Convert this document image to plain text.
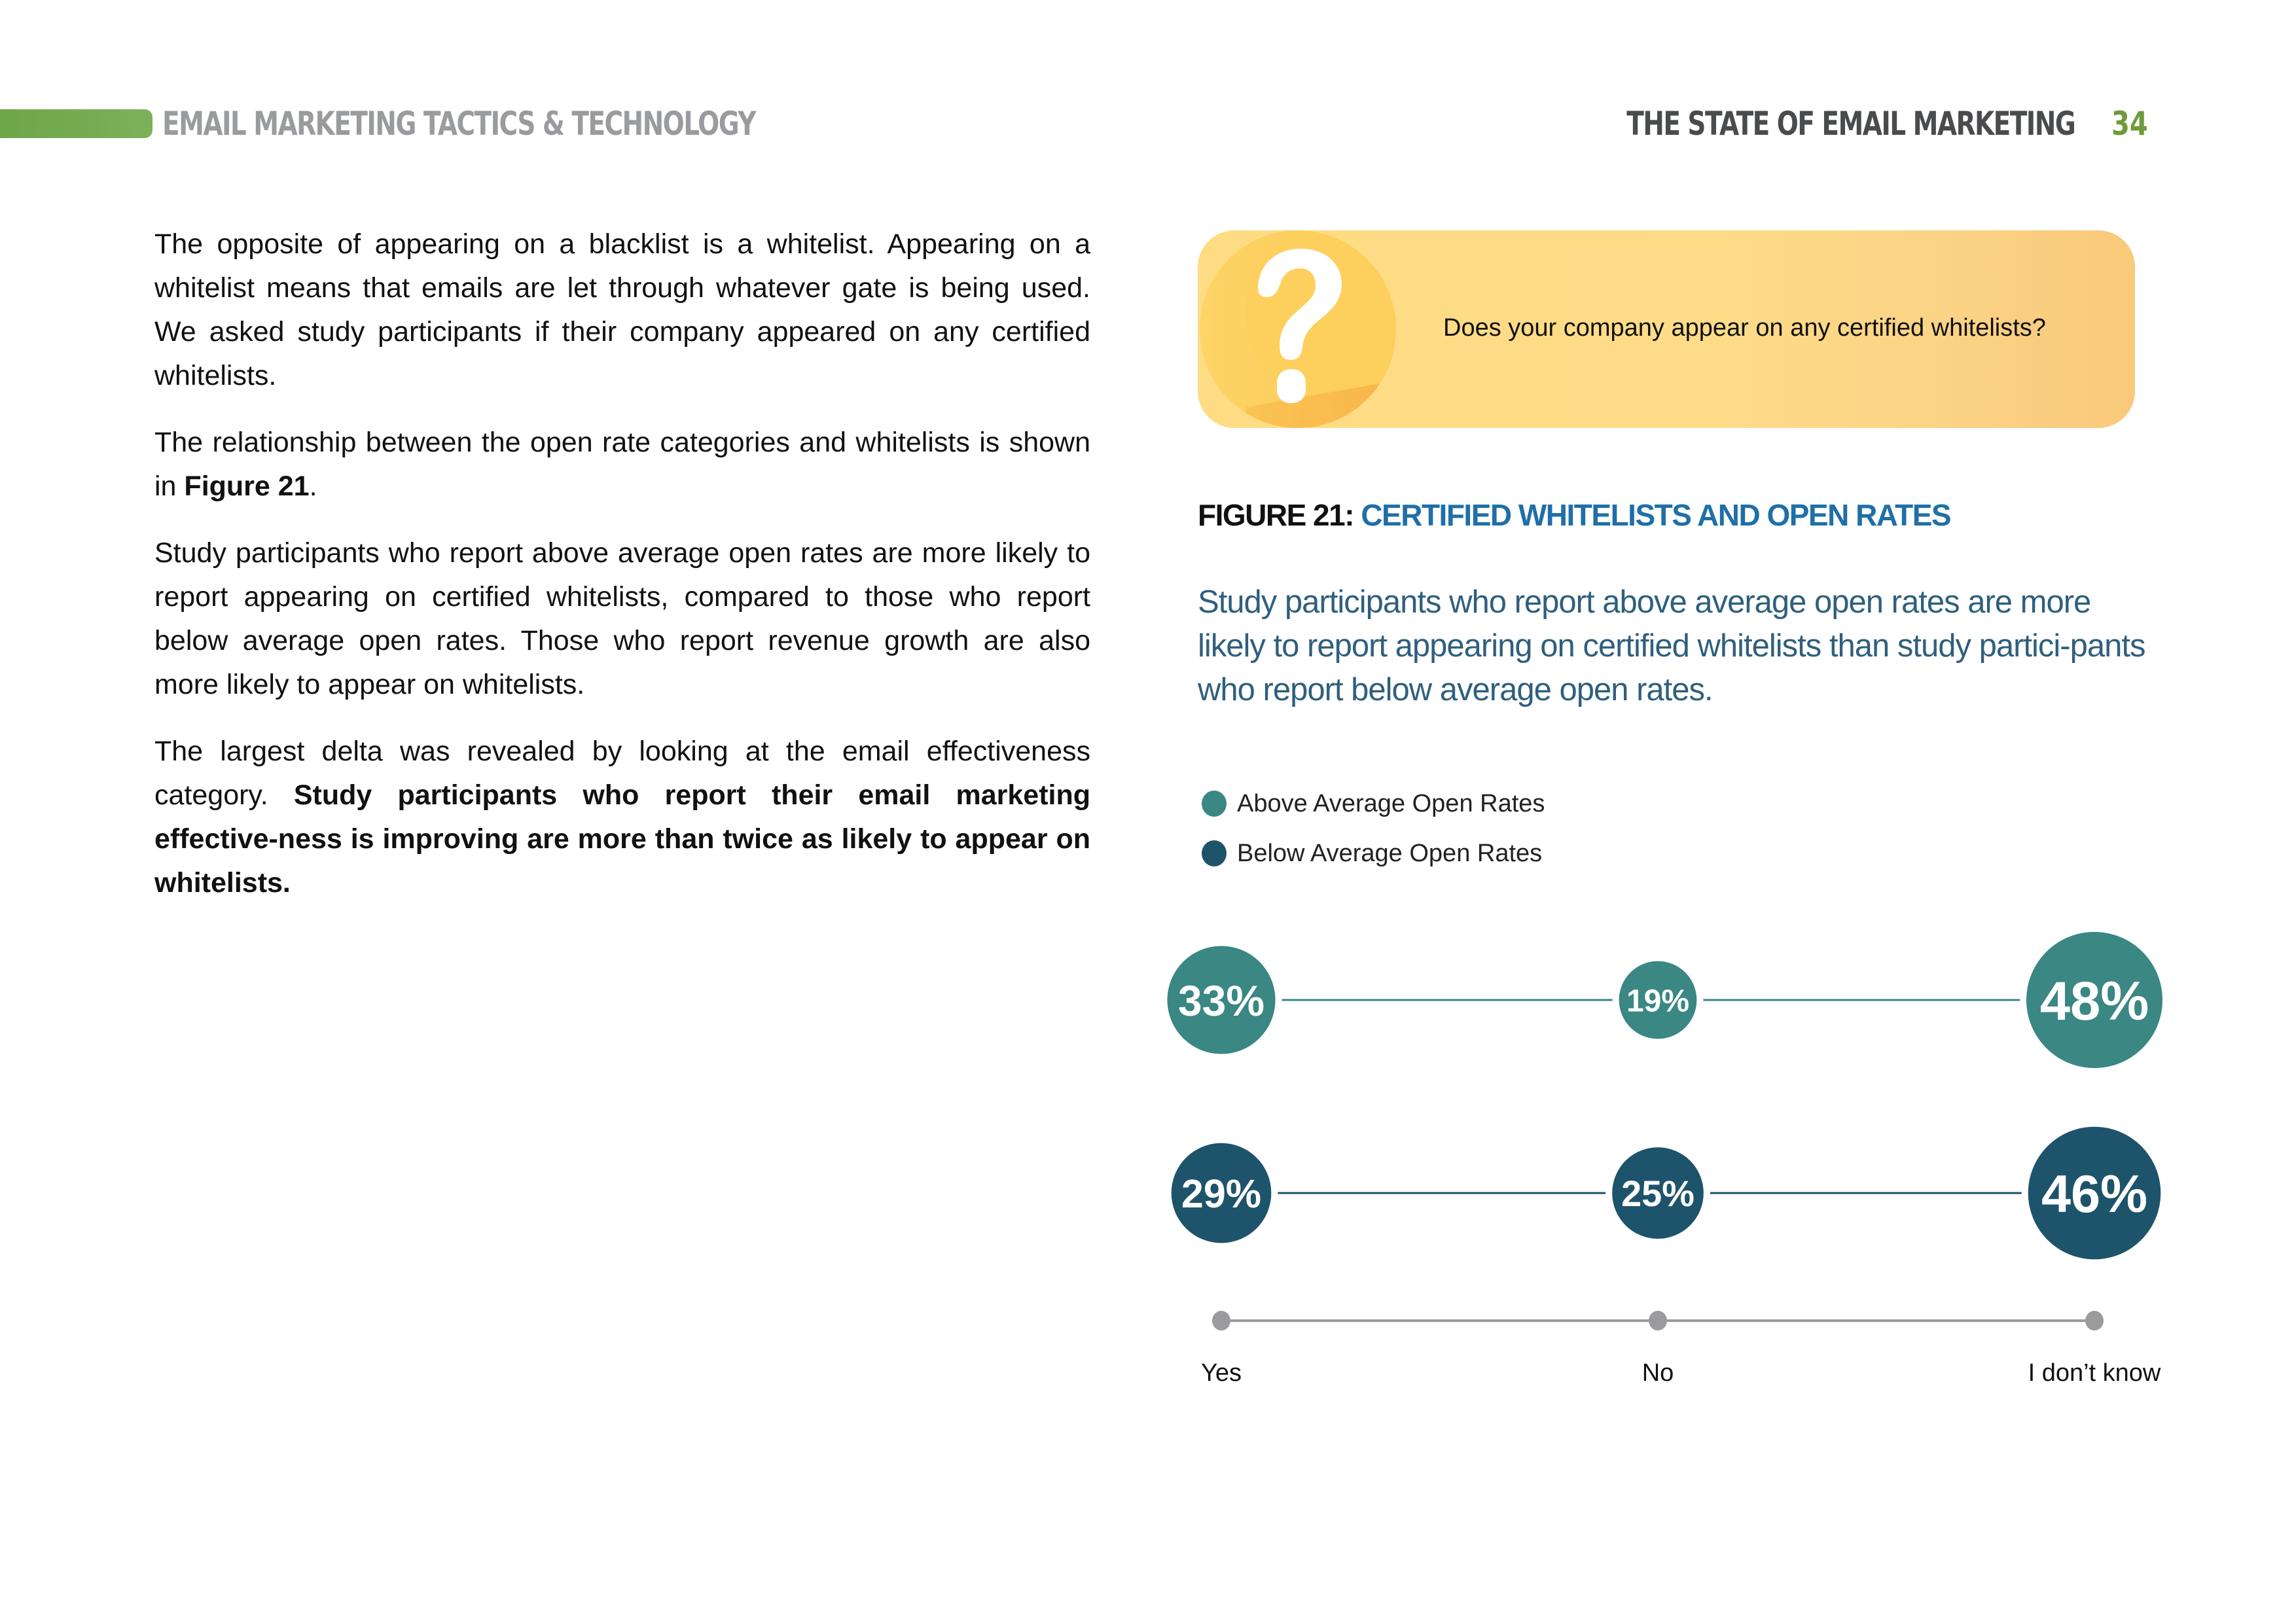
EMAIL MARKETING TACTICS & TECHNOLOGY	THE STATE OF EMAIL MARKETING 34

The opposite of appearing on a blacklist is a whitelist. Appearing on a whitelist means that emails are let through whatever gate is being used. We asked study participants if their company appeared on any certified whitelists.

The relationship between the open rate categories and whitelists is shown in Figure 21.

Study participants who report above average open rates are more likely to report appearing on certified whitelists, compared to those who report below average open rates. Those who report revenue growth are also more likely to appear on whitelists.

The largest delta was revealed by looking at the email effectiveness category. Study participants who report their email marketing effective-ness is improving are more than twice as likely to appear on whitelists.

Does your company appear on any certified whitelists?
FIGURE 21: CERTIFIED WHITELISTS AND OPEN RATES
Study participants who report above average open rates are more likely to report appearing on certified whitelists than study partici-pants who report below average open rates.
Above Average Open Rates
Below Average Open Rates
33%	19%	48%
29%	25%	46%
Yes	No	I don’t know
